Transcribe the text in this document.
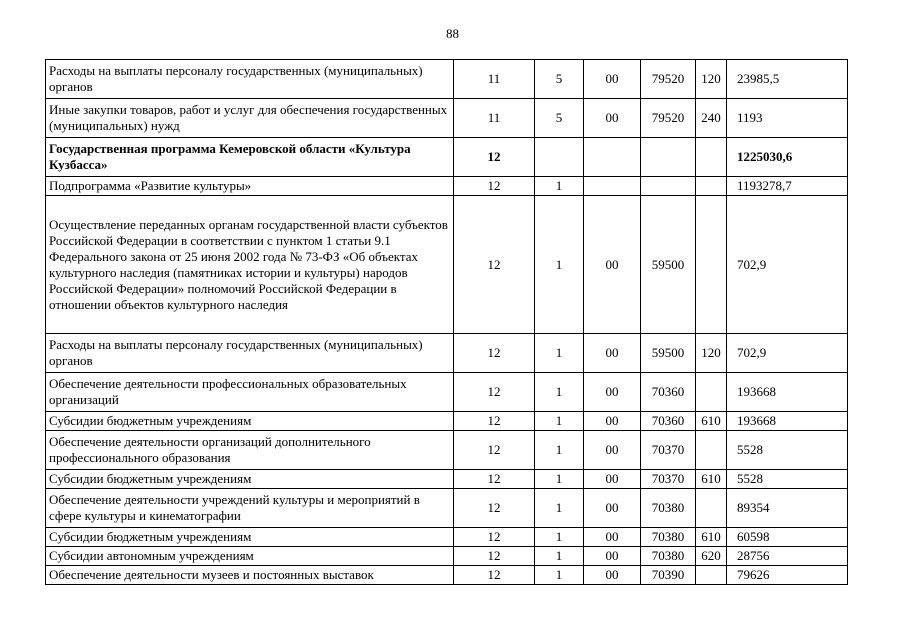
88
Расходы на выплаты персоналу государственных (муниципальных) органов	11	5	00	79520	120	23985,5
Иные закупки товаров, работ и услуг для обеспечения государственных (муниципальных) нужд	11	5	00	79520	240	1193
Государственная программа Кемеровской области «Культура Кузбасса»	12					1225030,6
Подпрограмма «Развитие культуры»	12	1				1193278,7
Осуществление переданных органам государственной власти субъектов Российской Федерации в соответствии с пунктом 1 статьи 9.1 Федерального закона от 25 июня 2002 года № 73-ФЗ «Об объектах культурного наследия (памятниках истории и культуры) народов Российской Федерации» полномочий Российской Федерации в отношении объектов культурного наследия	12	1	00	59500		702,9
Расходы на выплаты персоналу государственных (муниципальных) органов	12	1	00	59500	120	702,9
Обеспечение деятельности профессиональных образовательных организаций	12	1	00	70360		193668
Субсидии бюджетным учреждениям	12	1	00	70360	610	193668
Обеспечение деятельности организаций дополнительного профессионального образования	12	1	00	70370		5528
Субсидии бюджетным учреждениям	12	1	00	70370	610	5528
Обеспечение деятельности учреждений культуры и мероприятий в сфере культуры и кинематографии	12	1	00	70380		89354
Субсидии бюджетным учреждениям	12	1	00	70380	610	60598
Субсидии автономным учреждениям	12	1	00	70380	620	28756
Обеспечение деятельности музеев и постоянных выставок	12	1	00	70390		79626
